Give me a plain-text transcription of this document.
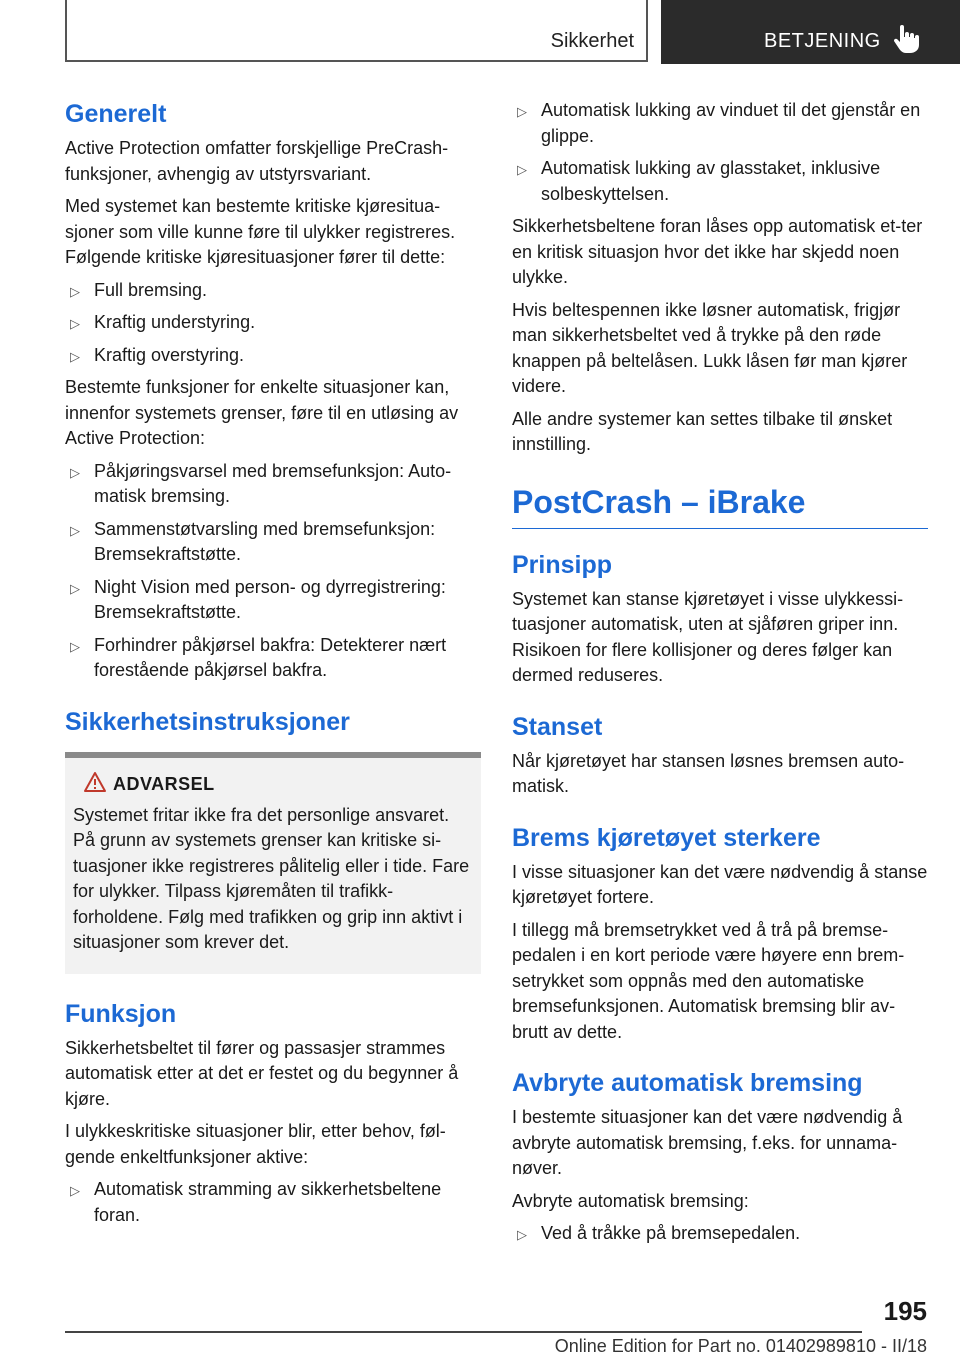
Sikkerhet	BETJENING
Generelt

Active Protection omfatter forskjellige PreCrash-funksjoner, avhengig av utstyrsvariant.

Med systemet kan bestemte kritiske kjøresitua-sjoner som ville kunne føre til ulykker registreres. Følgende kritiske kjøresituasjoner fører til dette:

▷ Full bremsing.
▷ Kraftig understyring.
▷ Kraftig overstyring.

Bestemte funksjoner for enkelte situasjoner kan, innenfor systemets grenser, føre til en utløsing av Active Protection:

▷ Påkjøringsvarsel med bremsefunksjon: Auto-matisk bremsing.
▷ Sammenstøtvarsling med bremsefunksjon: Bremsekraftstøtte.
▷ Night Vision med person- og dyrregistrering: Bremsekraftstøtte.
▷ Forhindrer påkjørsel bakfra: Detekterer nært forestående påkjørsel bakfra.
Sikkerhetsinstruksjoner
ADVARSEL

Systemet fritar ikke fra det personlige ansvaret. På grunn av systemets grenser kan kritiske si-tuasjoner ikke registreres pålitelig eller i tide. Fare for ulykker. Tilpass kjøremåten til trafikk-forholdene. Følg med trafikken og grip inn aktivt i situasjoner som krever det.

Funksjon

Sikkerhetsbeltet til fører og passasjer strammes automatisk etter at det er festet og du begynner å kjøre.

I ulykkeskritiske situasjoner blir, etter behov, føl-gende enkeltfunksjoner aktive:

▷ Automatisk stramming av sikkerhetsbeltene foran.
▷ Automatisk lukking av vinduet til det gjenstår en glippe.
▷ Automatisk lukking av glasstaket, inklusive solbeskyttelsen.

Sikkerhetsbeltene foran låses opp automatisk et-ter en kritisk situasjon hvor det ikke har skjedd noen ulykke.

Hvis beltespennen ikke løsner automatisk, frigjør man sikkerhetsbeltet ved å trykke på den røde knappen på beltelåsen. Lukk låsen før man kjører videre.

Alle andre systemer kan settes tilbake til ønsket innstilling.

PostCrash – iBrake
Prinsipp

Systemet kan stanse kjøretøyet i visse ulykkessi-tuasjoner automatisk, uten at sjåføren griper inn. Risikoen for flere kollisjoner og deres følger kan dermed reduseres.

Stanset

Når kjøretøyet har stansen løsnes bremsen auto-matisk.

Brems kjøretøyet sterkere

I visse situasjoner kan det være nødvendig å stanse kjøretøyet fortere.

I tillegg må bremsetrykket ved å trå på bremse-pedalen i en kort periode være høyere enn brem-setrykket som oppnås med den automatiske bremsefunksjonen. Automatisk bremsing blir av-brutt av dette.

Avbryte automatisk bremsing

I bestemte situasjoner kan det være nødvendig å avbryte automatisk bremsing, f.eks. for unnama-nøver.

Avbryte automatisk bremsing:

▷ Ved å tråkke på bremsepedalen.
195
Online Edition for Part no. 01402989810 - II/18
